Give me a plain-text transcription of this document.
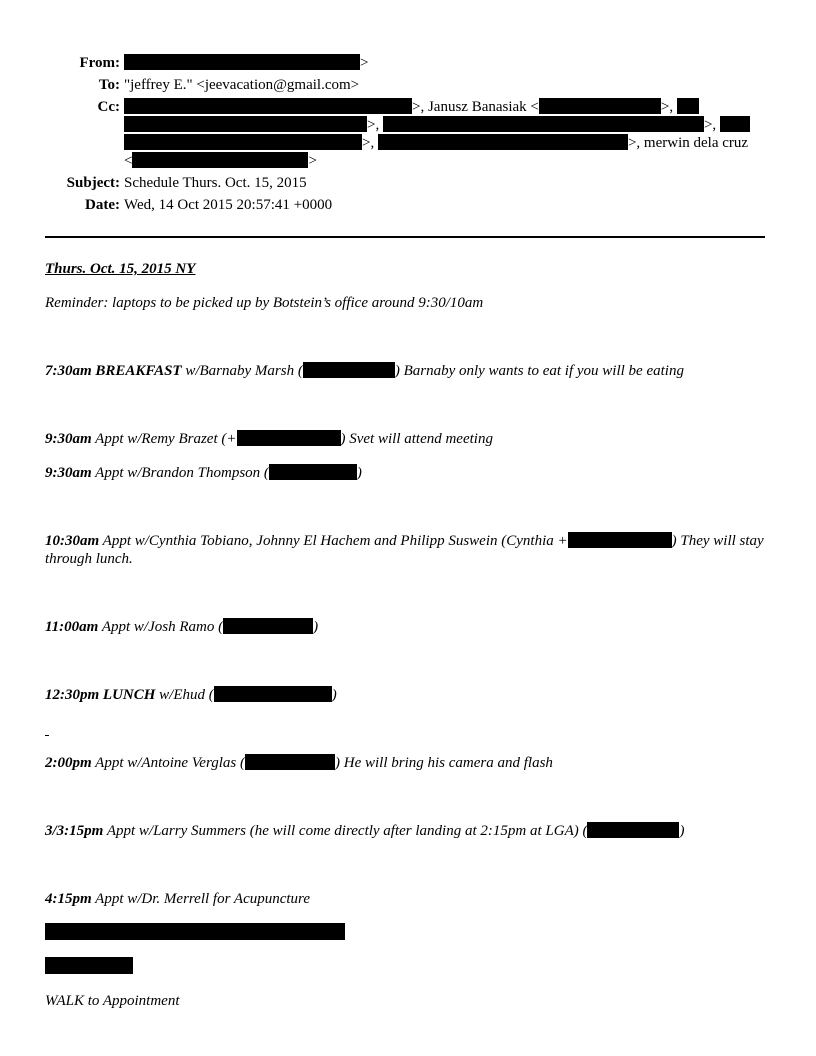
From:	>
To: "jeffrey E." <jeevacation@gmail.com>
Cc:	>, Janusz Banasiak <	>,
>,	>,
>,	>, merwin dela cruz
<	>
Subject: Schedule Thurs. Oct. 15, 2015
Date: Wed, 14 Oct 2015 20:57:41 +0000
Thurs. Oct. 15, 2015 NY
Reminder: laptops to be picked up by Botstein’s office around 9:30/10am
7:30am BREAKFAST w/Barnaby Marsh (	) Barnaby only wants to eat if you will be eating
9:30am Appt w/Remy Brazet (+	) Svet will attend meeting
9:30am Appt w/Brandon Thompson (	)
10:30am Appt w/Cynthia Tobiano, Johnny El Hachem and Philipp Suswein (Cynthia +	) They will stay through lunch.
11:00am Appt w/Josh Ramo (	)
12:30pm LUNCH w/Ehud (	)
2:00pm Appt w/Antoine Verglas (	) He will bring his camera and flash
3/3:15pm Appt w/Larry Summers (he will come directly after landing at 2:15pm at LGA) (	)
4:15pm Appt w/Dr. Merrell for Acupuncture
WALK to Appointment
